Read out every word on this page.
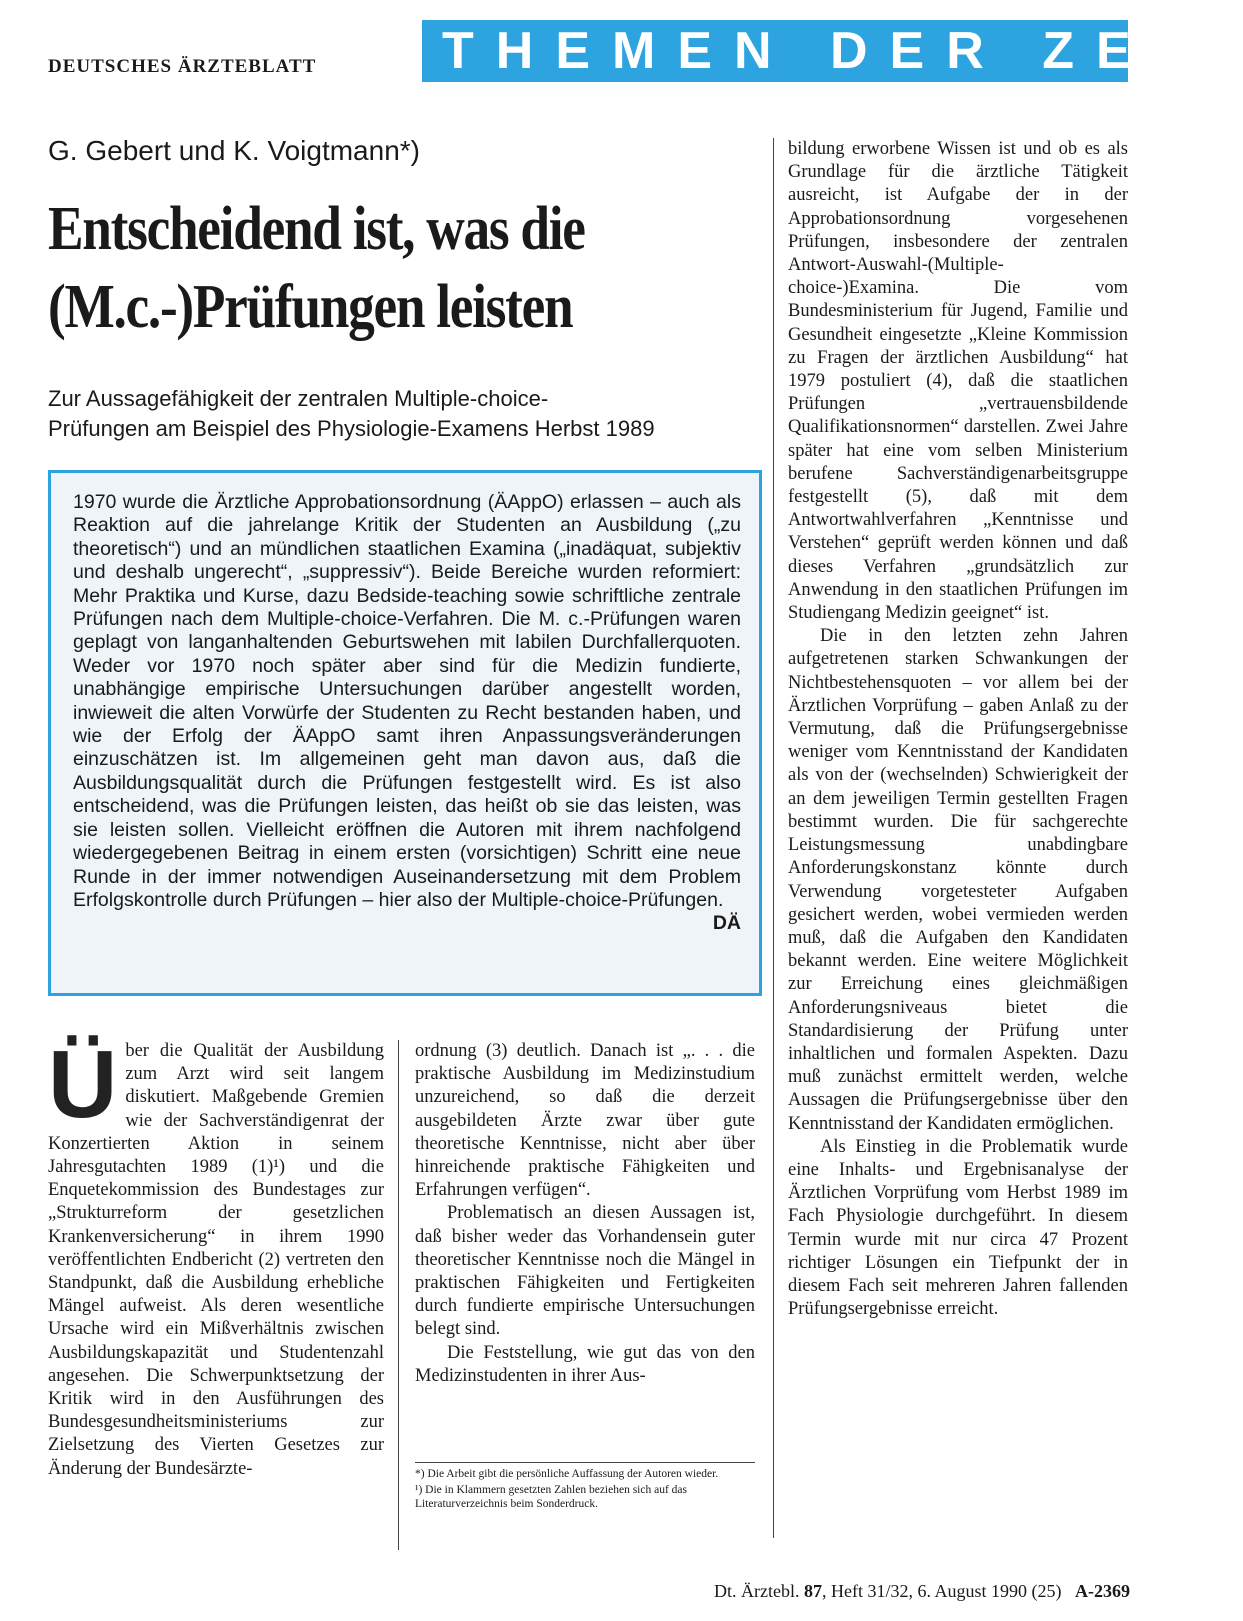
DEUTSCHES ÄRZTEBLATT	THEMEN DER ZEIT
G. Gebert und K. Voigtmann*)
Entscheidend ist, was die
(M.c.-)Prüfungen leisten
Zur Aussagefähigkeit der zentralen Multiple-choice-
Prüfungen am Beispiel des Physiologie-Examens Herbst 1989
1970 wurde die Ärztliche Approbationsordnung (ÄAppO) erlassen – auch als Reaktion auf die jahrelange Kritik der Studenten an Ausbildung („zu theoretisch“) und an mündlichen staatlichen Examina („inadäquat, subjektiv und deshalb ungerecht“, „suppressiv“). Beide Bereiche wurden reformiert: Mehr Praktika und Kurse, dazu Bedside-teaching sowie schriftliche zentrale Prüfungen nach dem Multiple-choice-Verfahren. Die M. c.-Prüfungen waren geplagt von langanhaltenden Geburtswehen mit labilen Durchfallerquoten. Weder vor 1970 noch später aber sind für die Medizin fundierte, unabhängige empirische Untersuchungen darüber angestellt worden, inwieweit die alten Vorwürfe der Studenten zu Recht bestanden haben, und wie der Erfolg der ÄAppO samt ihren Anpassungsveränderungen einzuschätzen ist. Im allgemeinen geht man davon aus, daß die Ausbildungsqualität durch die Prüfungen festgestellt wird. Es ist also entscheidend, was die Prüfungen leisten, das heißt ob sie das leisten, was sie leisten sollen. Vielleicht eröffnen die Autoren mit ihrem nachfolgend wiedergegebenen Beitrag in einem ersten (vorsichtigen) Schritt eine neue Runde in der immer notwendigen Auseinandersetzung mit dem Problem Erfolgskontrolle durch Prüfungen – hier also der Multiple-choice-Prüfungen.
DÄ
Ü ber die Qualität der Ausbildung zum Arzt wird seit langem diskutiert. Maßgebende Gremien wie der Sachverständigenrat der Konzertierten Aktion in seinem Jahresgutachten 1989 (1)¹) und die Enquetekommission des Bundestages zur „Strukturreform der gesetzlichen Krankenversicherung“ in ihrem 1990 veröffentlichten Endbericht (2) vertreten den Standpunkt, daß die Ausbildung erhebliche Mängel aufweist. Als deren wesentliche Ursache wird ein Mißverhältnis zwischen Ausbildungskapazität und Studentenzahl angesehen. Die Schwerpunktsetzung der Kritik wird in den Ausführungen des Bundesgesundheitsministeriums zur Zielsetzung des Vierten Gesetzes zur Änderung der Bundesärzte-

ordnung (3) deutlich. Danach ist „. . . die praktische Ausbildung im Medizinstudium unzureichend, so daß die derzeit ausgebildeten Ärzte zwar über gute theoretische Kenntnisse, nicht aber über hinreichende praktische Fähigkeiten und Erfahrungen verfügen“.

Problematisch an diesen Aussagen ist, daß bisher weder das Vorhandensein guter theoretischer Kenntnisse noch die Mängel in praktischen Fähigkeiten und Fertigkeiten durch fundierte empirische Untersuchungen belegt sind.

Die Feststellung, wie gut das von den Medizinstudenten in ihrer Aus-

*) Die Arbeit gibt die persönliche Auffassung der Autoren wieder.
¹) Die in Klammern gesetzten Zahlen beziehen sich auf das Literaturverzeichnis beim Sonderdruck.

bildung erworbene Wissen ist und ob es als Grundlage für die ärztliche Tätigkeit ausreicht, ist Aufgabe der in der Approbationsordnung vorgesehenen Prüfungen, insbesondere der zentralen Antwort-Auswahl-(Multiple-choice-)Examina. Die vom Bundesministerium für Jugend, Familie und Gesundheit eingesetzte „Kleine Kommission zu Fragen der ärztlichen Ausbildung“ hat 1979 postuliert (4), daß die staatlichen Prüfungen „vertrauensbildende Qualifikationsnormen“ darstellen. Zwei Jahre später hat eine vom selben Ministerium berufene Sachverständigenarbeitsgruppe festgestellt (5), daß mit dem Antwortwahlverfahren „Kenntnisse und Verstehen“ geprüft werden können und daß dieses Verfahren „grundsätzlich zur Anwendung in den staatlichen Prüfungen im Studiengang Medizin geeignet“ ist.

Die in den letzten zehn Jahren aufgetretenen starken Schwankungen der Nichtbestehensquoten – vor allem bei der Ärztlichen Vorprüfung – gaben Anlaß zu der Vermutung, daß die Prüfungsergebnisse weniger vom Kenntnisstand der Kandidaten als von der (wechselnden) Schwierigkeit der an dem jeweiligen Termin gestellten Fragen bestimmt wurden. Die für sachgerechte Leistungsmessung unabdingbare Anforderungskonstanz könnte durch Verwendung vorgetesteter Aufgaben gesichert werden, wobei vermieden werden muß, daß die Aufgaben den Kandidaten bekannt werden. Eine weitere Möglichkeit zur Erreichung eines gleichmäßigen Anforderungsniveaus bietet die Standardisierung der Prüfung unter inhaltlichen und formalen Aspekten. Dazu muß zunächst ermittelt werden, welche Aussagen die Prüfungsergebnisse über den Kenntnisstand der Kandidaten ermöglichen.

Als Einstieg in die Problematik wurde eine Inhalts- und Ergebnisanalyse der Ärztlichen Vorprüfung vom Herbst 1989 im Fach Physiologie durchgeführt. In diesem Termin wurde mit nur circa 47 Prozent richtiger Lösungen ein Tiefpunkt der in diesem Fach seit mehreren Jahren fallenden Prüfungsergebnisse erreicht.

Dt. Ärztebl. 87, Heft 31/32, 6. August 1990 (25) A-2369
